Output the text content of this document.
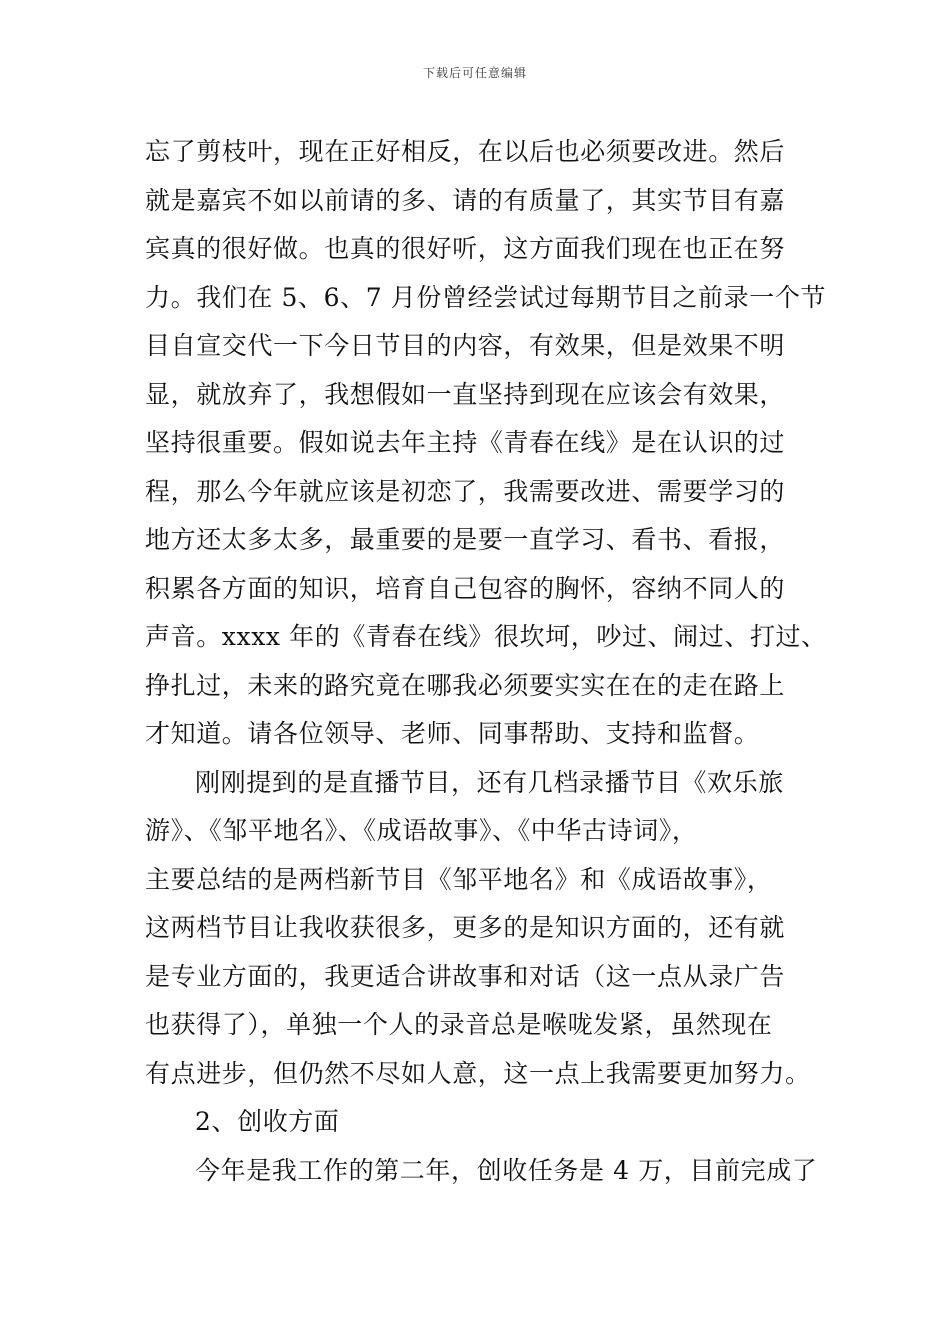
下载后可任意编辑
忘了剪枝叶，现在正好相反，在以后也必须要改进。然后
就是嘉宾不如以前请的多、请的有质量了，其实节目有嘉
宾真的很好做。也真的很好听，这方面我们现在也正在努
力。我们在 5、6、7 月份曾经尝试过每期节目之前录一个节
目自宣交代一下今日节目的内容，有效果，但是效果不明
显，就放弃了，我想假如一直坚持到现在应该会有效果，
坚持很重要。假如说去年主持《青春在线》是在认识的过
程，那么今年就应该是初恋了，我需要改进、需要学习的
地方还太多太多，最重要的是要一直学习、看书、看报，
积累各方面的知识，培育自己包容的胸怀，容纳不同人的
声音。xxxx 年的《青春在线》很坎坷，吵过、闹过、打过、
挣扎过，未来的路究竟在哪我必须要实实在在的走在路上
才知道。请各位领导、老师、同事帮助、支持和监督。
刚刚提到的是直播节目，还有几档录播节目《欢乐旅
游》、《邹平地名》、《成语故事》、《中华古诗词》，
主要总结的是两档新节目《邹平地名》和《成语故事》，
这两档节目让我收获很多，更多的是知识方面的，还有就
是专业方面的，我更适合讲故事和对话（这一点从录广告
也获得了），单独一个人的录音总是喉咙发紧，虽然现在
有点进步，但仍然不尽如人意，这一点上我需要更加努力。
2、创收方面
今年是我工作的第二年，创收任务是 4 万，目前完成了
